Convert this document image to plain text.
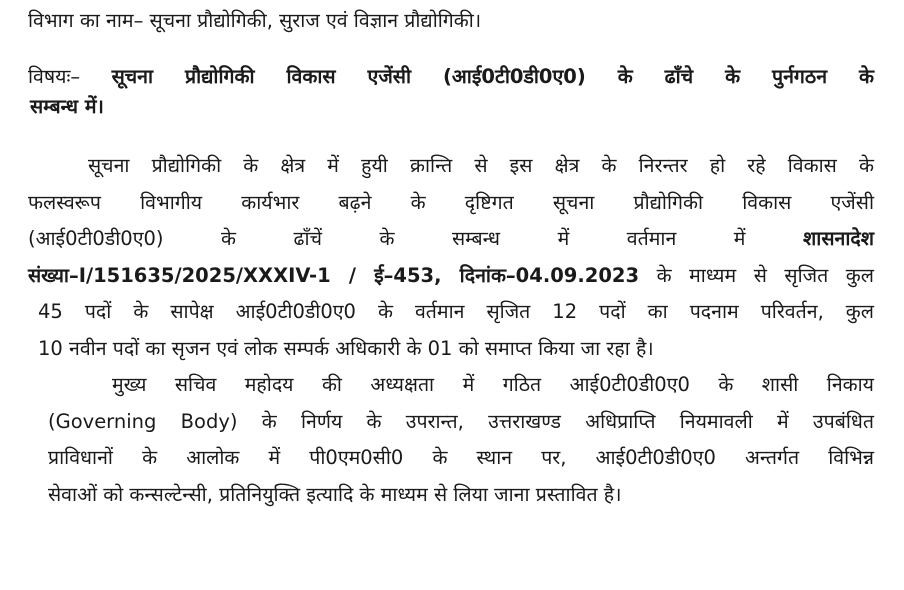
विभाग का नाम– सूचना प्रौद्योगिकी, सुराज एवं विज्ञान प्रौद्योगिकी।
विषयः– सूचना प्रौद्योगिकी विकास एजेंसी (आई0टी0डी0ए0) के ढाँचे के पुर्नगठन के
सम्बन्ध में।
सूचना प्रौद्योगिकी के क्षेत्र में हुयी क्रान्ति से इस क्षेत्र के निरन्तर हो रहे विकास के
फलस्वरूप विभागीय कार्यभार बढ़ने के दृष्टिगत सूचना प्रौद्योगिकी विकास एजेंसी
(आई0टी0डी0ए0) के ढाँचें के सम्बन्ध में वर्तमान में	शासनादेश
संख्या–I/151635/2025/XXXIV-1 / ई–453, दिनांक–04.09.2023 के माध्यम से सृजित कुल
45 पदों के सापेक्ष आई0टी0डी0ए0 के वर्तमान सृजित 12 पदों का पदनाम परिवर्तन, कुल
10 नवीन पदों का सृजन एवं लोक सम्पर्क अधिकारी के 01 को समाप्त किया जा रहा है।
मुख्य सचिव महोदय की अध्यक्षता में गठित आई0टी0डी0ए0 के शासी निकाय
(Governing Body) के निर्णय के उपरान्त, उत्तराखण्ड अधिप्राप्ति नियमावली में उपबंधित
प्राविधानों के आलोक में पी0एम0सी0 के स्थान पर, आई0टी0डी0ए0 अन्तर्गत विभिन्न
सेवाओं को कन्सल्टेन्सी, प्रतिनियुक्ति इत्यादि के माध्यम से लिया जाना प्रस्तावित है।
